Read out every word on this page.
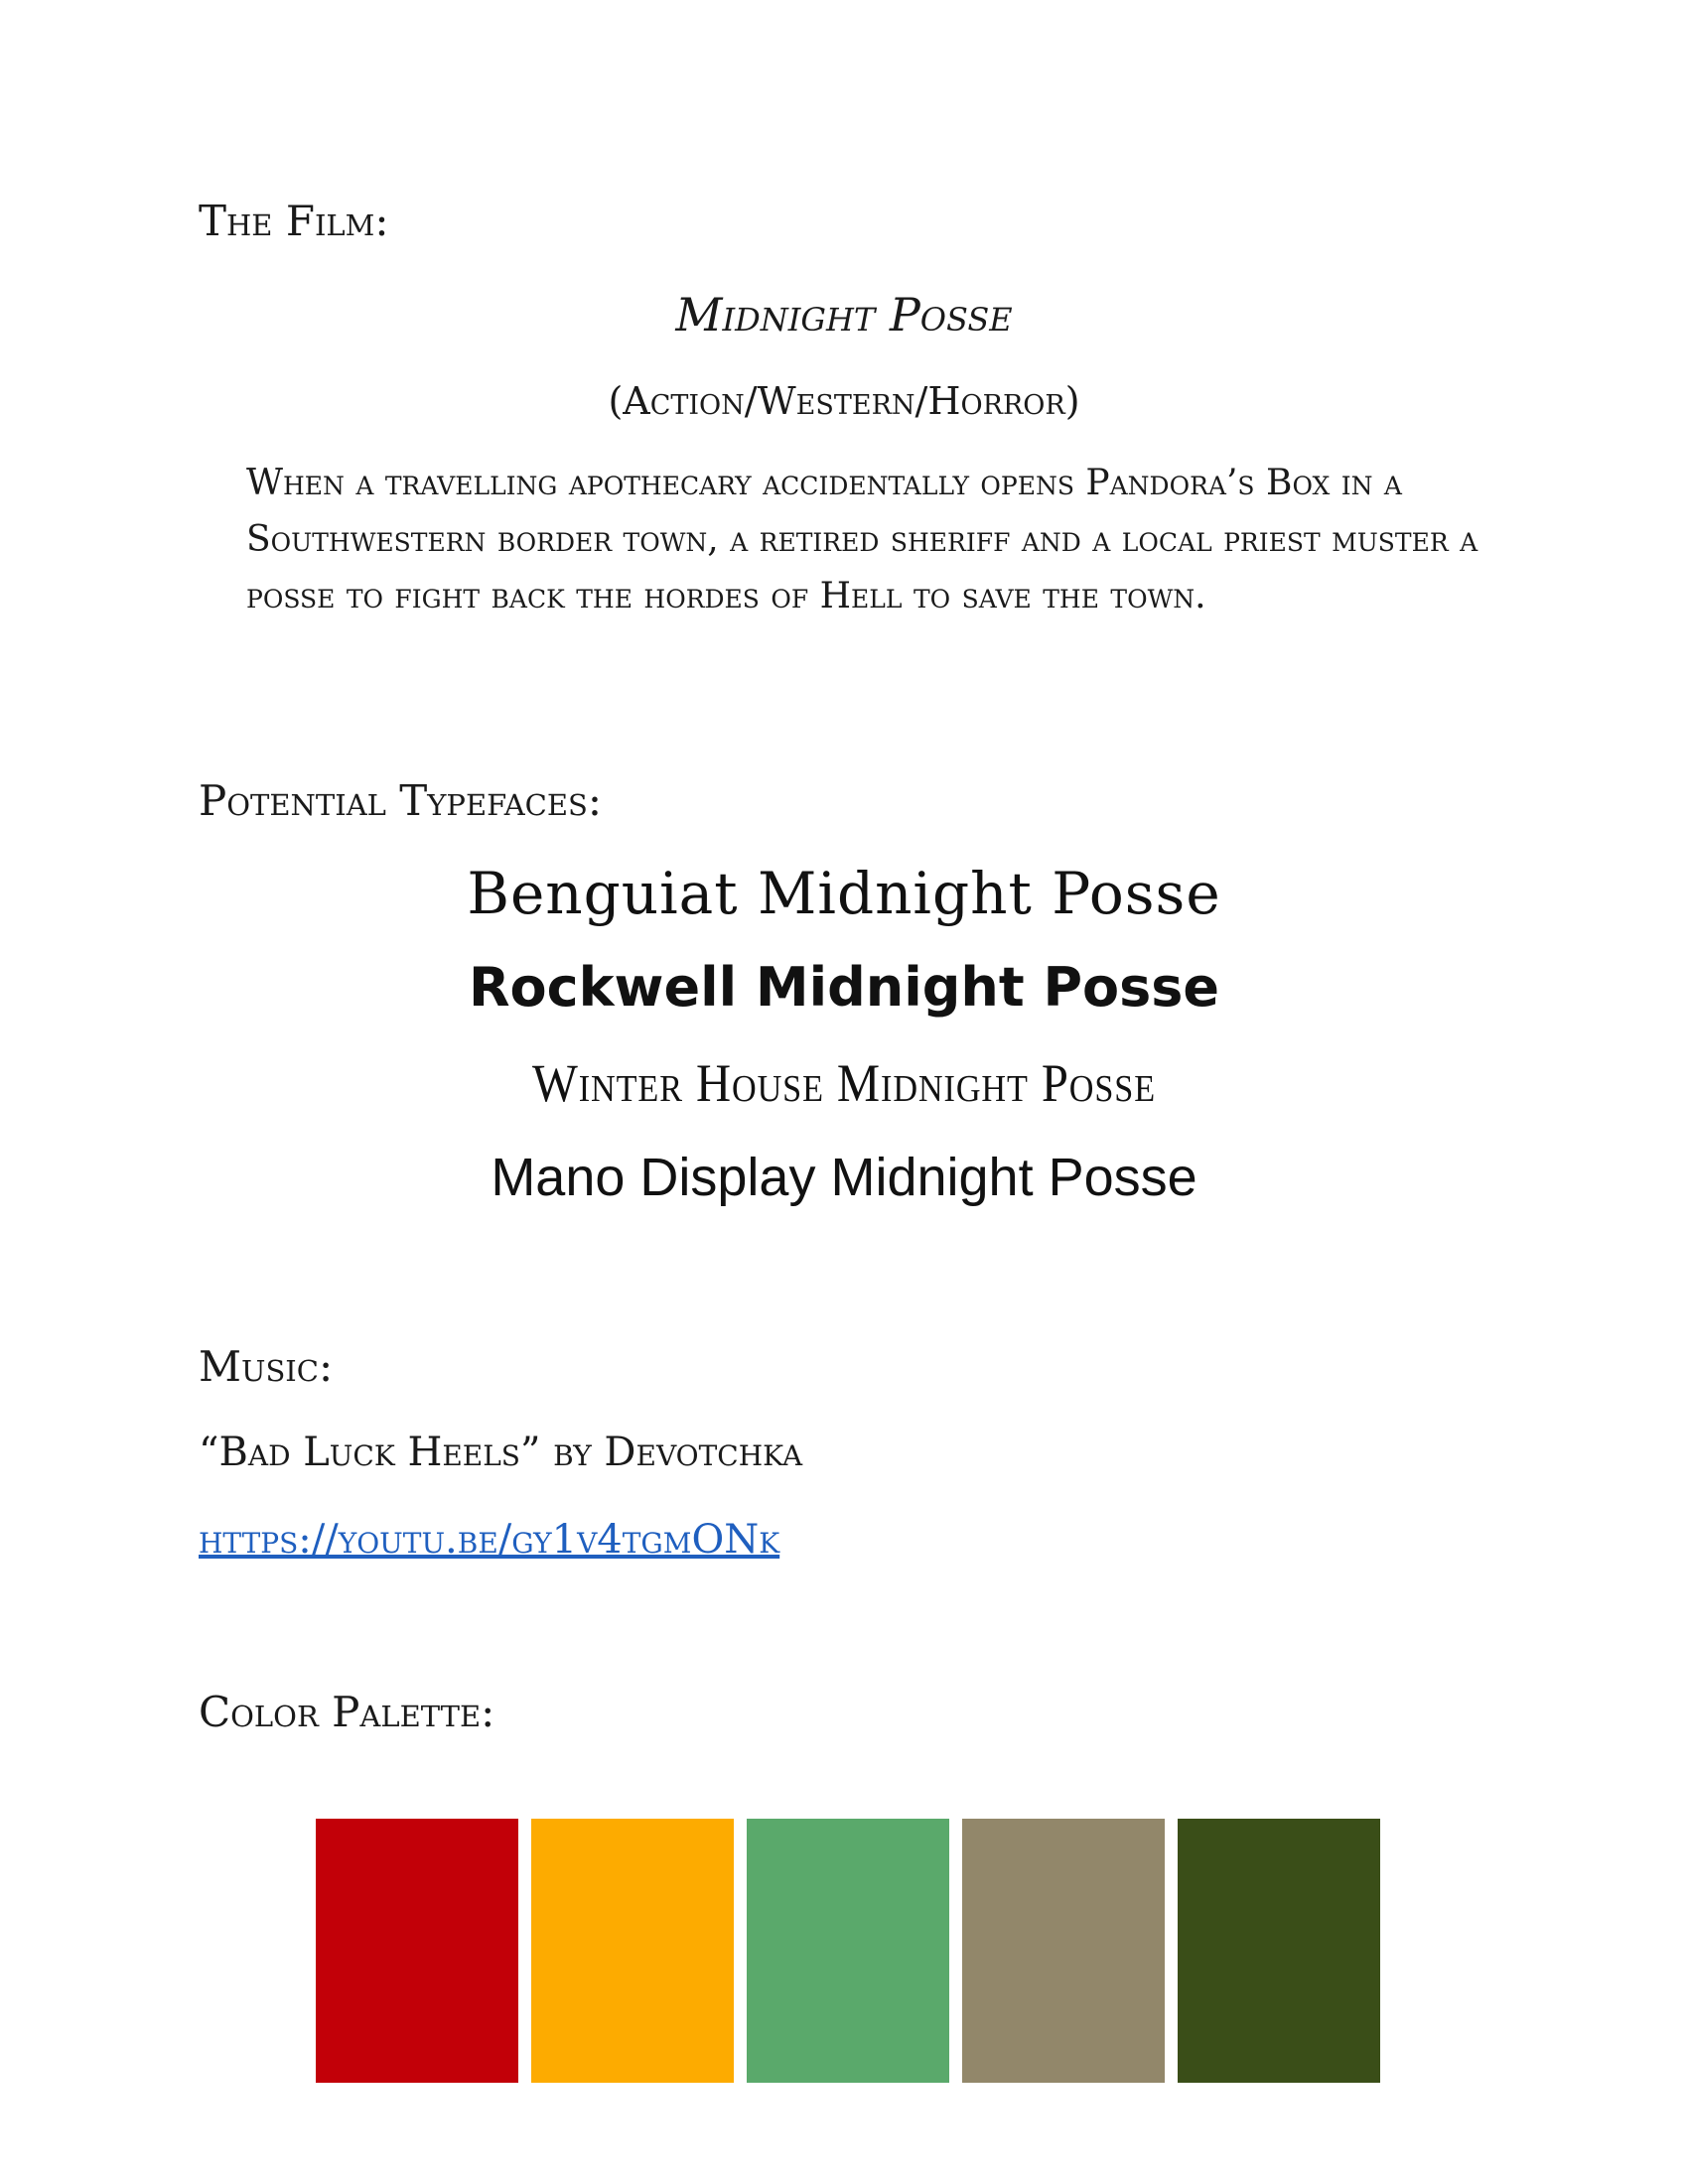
The Film:

Midnight Posse

(Action/Western/Horror)

When a travelling apothecary accidentally opens Pandora’s Box in a Southwestern border town, a retired sheriff and a local priest muster a posse to fight back the hordes of Hell to save the town.

Potential Typefaces:

Benguiat Midnight Posse

Rockwell Midnight Posse

Winter House Midnight Posse

Mano Display Midnight Posse

Music:

“Bad Luck Heels” by Devotchka

https://youtu.be/gy1v4tgmONk

Color Palette:
